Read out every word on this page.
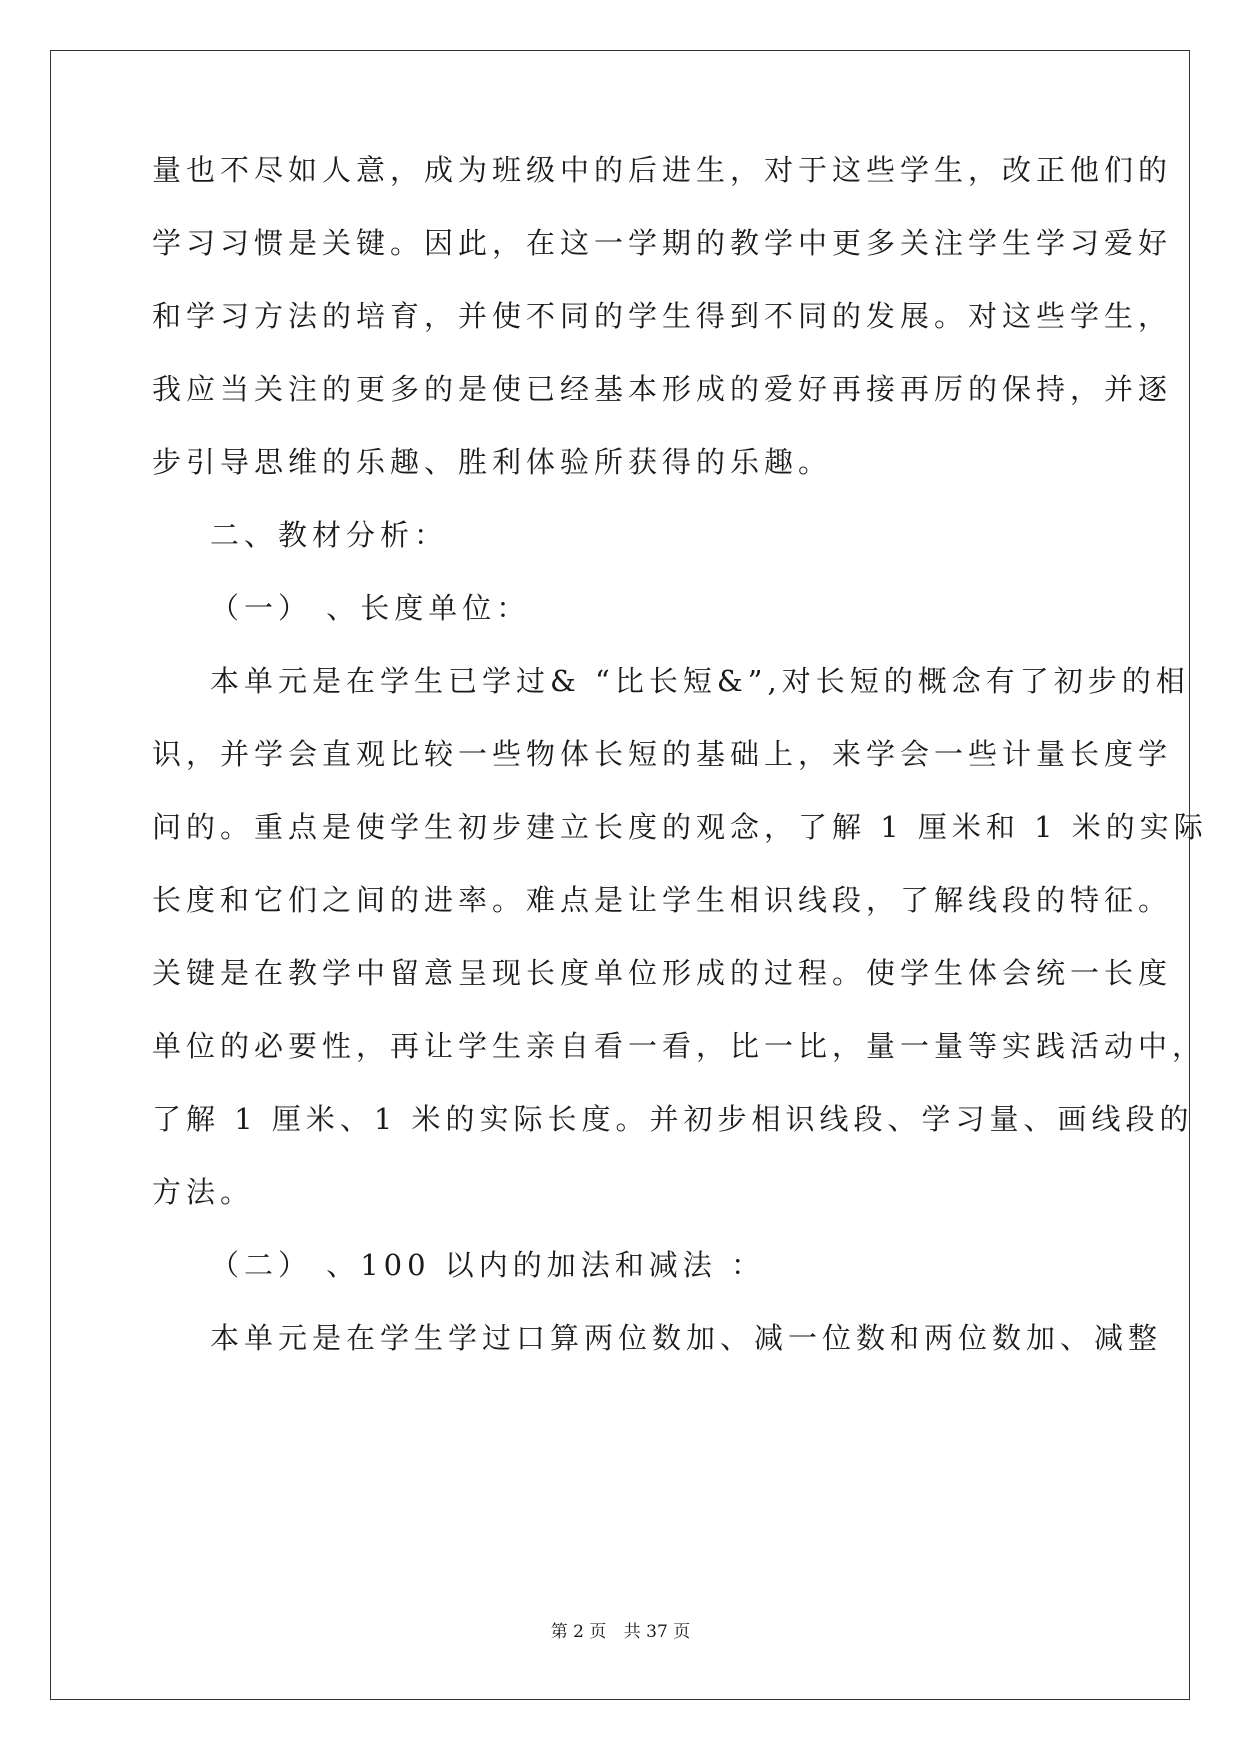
量也不尽如人意，成为班级中的后进生，对于这些学生，改正他们的
学习习惯是关键。因此，在这一学期的教学中更多关注学生学习爱好
和学习方法的培育，并使不同的学生得到不同的发展。对这些学生，
我应当关注的更多的是使已经基本形成的爱好再接再厉的保持，并逐
步引导思维的乐趣、胜利体验所获得的乐趣。
二、教材分析：
（一） 、长度单位：
本单元是在学生已学过& “比长短&”,对长短的概念有了初步的相
识，并学会直观比较一些物体长短的基础上，来学会一些计量长度学
问的。重点是使学生初步建立长度的观念，了解 1 厘米和 1 米的实际
长度和它们之间的进率。难点是让学生相识线段，了解线段的特征。
关键是在教学中留意呈现长度单位形成的过程。使学生体会统一长度
单位的必要性，再让学生亲自看一看，比一比，量一量等实践活动中，
了解 1 厘米、1 米的实际长度。并初步相识线段、学习量、画线段的
方法。
（二） 、100 以内的加法和减法 ：
本单元是在学生学过口算两位数加、减一位数和两位数加、减整
第 2 页 共 37 页
